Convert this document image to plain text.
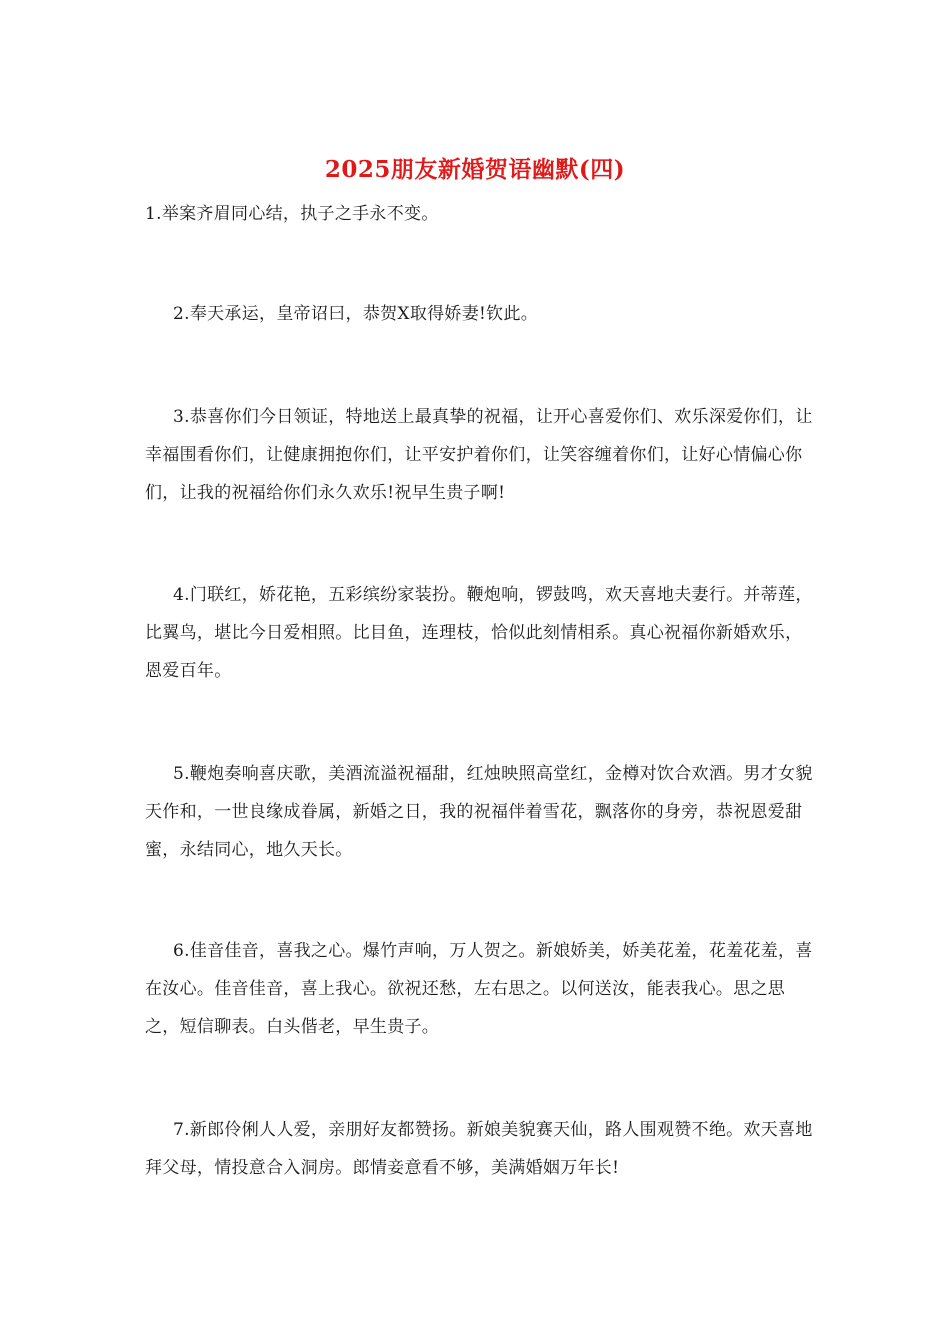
2025朋友新婚贺语幽默(四)

1.举案齐眉同心结，执子之手永不变。

2.奉天承运，皇帝诏曰，恭贺X取得娇妻!钦此。

3.恭喜你们今日领证，特地送上最真挚的祝福，让开心喜爱你们、欢乐深爱你们，让幸福围看你们，让健康拥抱你们，让平安护着你们，让笑容缠着你们，让好心情偏心你们，让我的祝福给你们永久欢乐!祝早生贵子啊!

4.门联红，娇花艳，五彩缤纷家装扮。鞭炮响，锣鼓鸣，欢天喜地夫妻行。并蒂莲，比翼鸟，堪比今日爱相照。比目鱼，连理枝，恰似此刻情相系。真心祝福你新婚欢乐，恩爱百年。

5.鞭炮奏响喜庆歌，美酒流溢祝福甜，红烛映照高堂红，金樽对饮合欢酒。男才女貌天作和，一世良缘成眷属，新婚之日，我的祝福伴着雪花，飘落你的身旁，恭祝恩爱甜蜜，永结同心，地久天长。

6.佳音佳音，喜我之心。爆竹声响，万人贺之。新娘娇美，娇美花羞，花羞花羞，喜在汝心。佳音佳音，喜上我心。欲祝还愁，左右思之。以何送汝，能表我心。思之思之，短信聊表。白头偕老，早生贵子。

7.新郎伶俐人人爱，亲朋好友都赞扬。新娘美貌赛天仙，路人围观赞不绝。欢天喜地拜父母，情投意合入洞房。郎情妾意看不够，美满婚姻万年长!
